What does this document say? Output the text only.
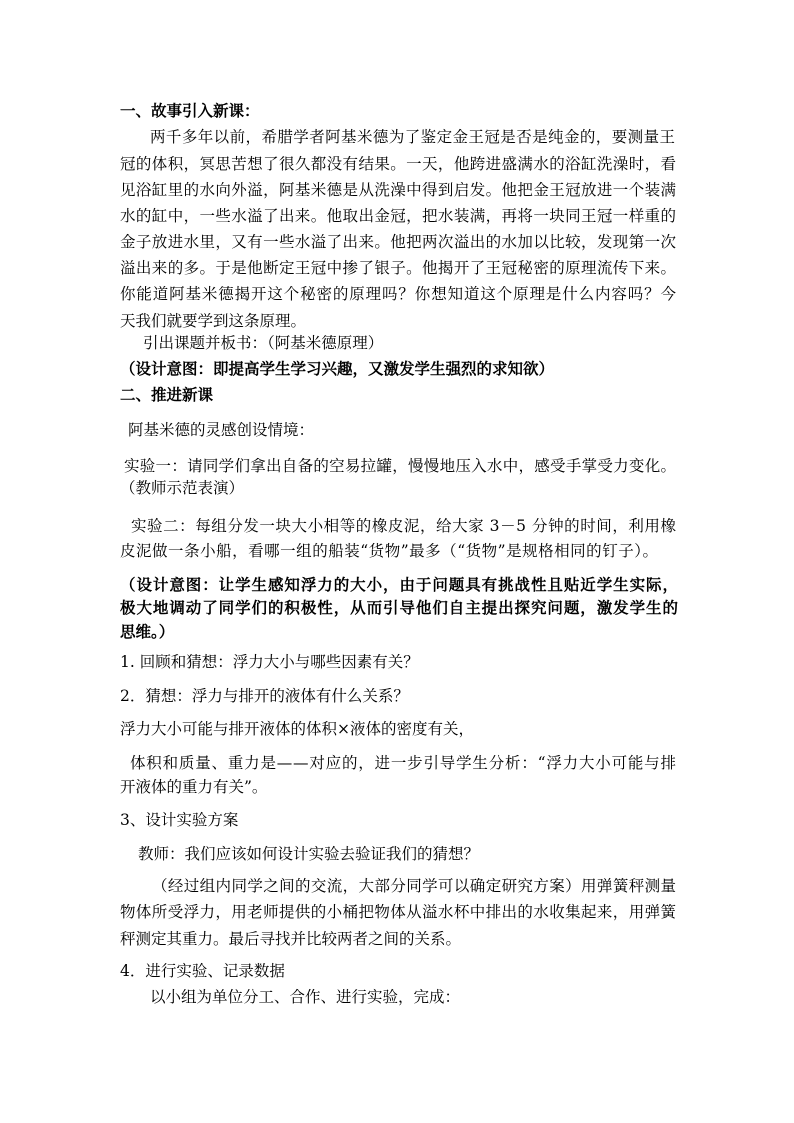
一、故事引入新课：
两千多年以前，希腊学者阿基米德为了鉴定金王冠是否是纯金的，要测量王
冠的体积，冥思苦想了很久都没有结果。一天，他跨进盛满水的浴缸洗澡时，看
见浴缸里的水向外溢，阿基米德是从洗澡中得到启发。他把金王冠放进一个装满
水的缸中，一些水溢了出来。他取出金冠，把水装满，再将一块同王冠一样重的
金子放进水里，又有一些水溢了出来。他把两次溢出的水加以比较，发现第一次
溢出来的多。于是他断定王冠中掺了银子。他揭开了王冠秘密的原理流传下来。
你能道阿基米德揭开这个秘密的原理吗？你想知道这个原理是什么内容吗？今
天我们就要学到这条原理。
引出课题并板书：（阿基米德原理）
（设计意图：即提高学生学习兴趣，又激发学生强烈的求知欲）
二、推进新课
阿基米德的灵感创设情境：
实验一：请同学们拿出自备的空易拉罐，慢慢地压入水中，感受手掌受力变化。
（教师示范表演）
实验二：每组分发一块大小相等的橡皮泥，给大家 3－5 分钟的时间，利用橡
皮泥做一条小船，看哪一组的船装“货物”最多（“货物”是规格相同的钉子）。
（设计意图：让学生感知浮力的大小，由于问题具有挑战性且贴近学生实际，
极大地调动了同学们的积极性，从而引导他们自主提出探究问题，激发学生的
思维。）
1. 回顾和猜想：浮力大小与哪些因素有关？
2．猜想：浮力与排开的液体有什么关系？
浮力大小可能与排开液体的体积×液体的密度有关，
体积和质量、重力是——对应的，进一步引导学生分析：“浮力大小可能与排
开液体的重力有关”。
3、设计实验方案
教师：我们应该如何设计实验去验证我们的猜想？
（经过组内同学之间的交流，大部分同学可以确定研究方案）用弹簧秤测量
物体所受浮力，用老师提供的小桶把物体从溢水杯中排出的水收集起来，用弹簧
秤测定其重力。最后寻找并比较两者之间的关系。
4．进行实验、记录数据
以小组为单位分工、合作、进行实验，完成：
